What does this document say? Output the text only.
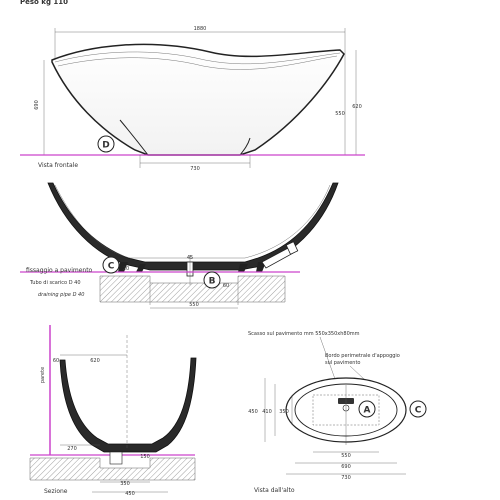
Peso kg 110
1880
690
550
620
730
Vista frontale
D
550
45
20
60
fissaggio a pavimento
Tubo di scarico D 40
draining pipe D 40
C
B
parete
60	620
270
150
350
450
Sezione
Scasso sul pavimento mm 550x350xh80mm
Bordo perimetrale d'appoggio
sul pavimento
450 410 350
550
690
730
Vista dall'alto
A	C
